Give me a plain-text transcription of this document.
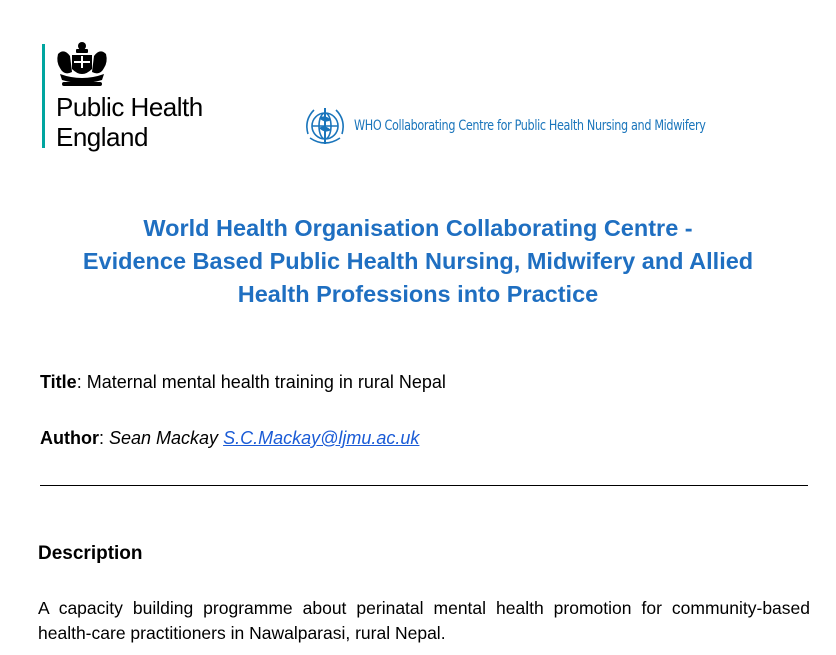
Public Health
England	WHO Collaborating Centre for Public Health Nursing and Midwifery
World Health Organisation Collaborating Centre -
Evidence Based Public Health Nursing, Midwifery and Allied
Health Professions into Practice
Title: Maternal mental health training in rural Nepal
Author: Sean Mackay S.C.Mackay@ljmu.ac.uk
Description
A capacity building programme about perinatal mental health promotion for community-based health-care practitioners in Nawalparasi, rural Nepal.
